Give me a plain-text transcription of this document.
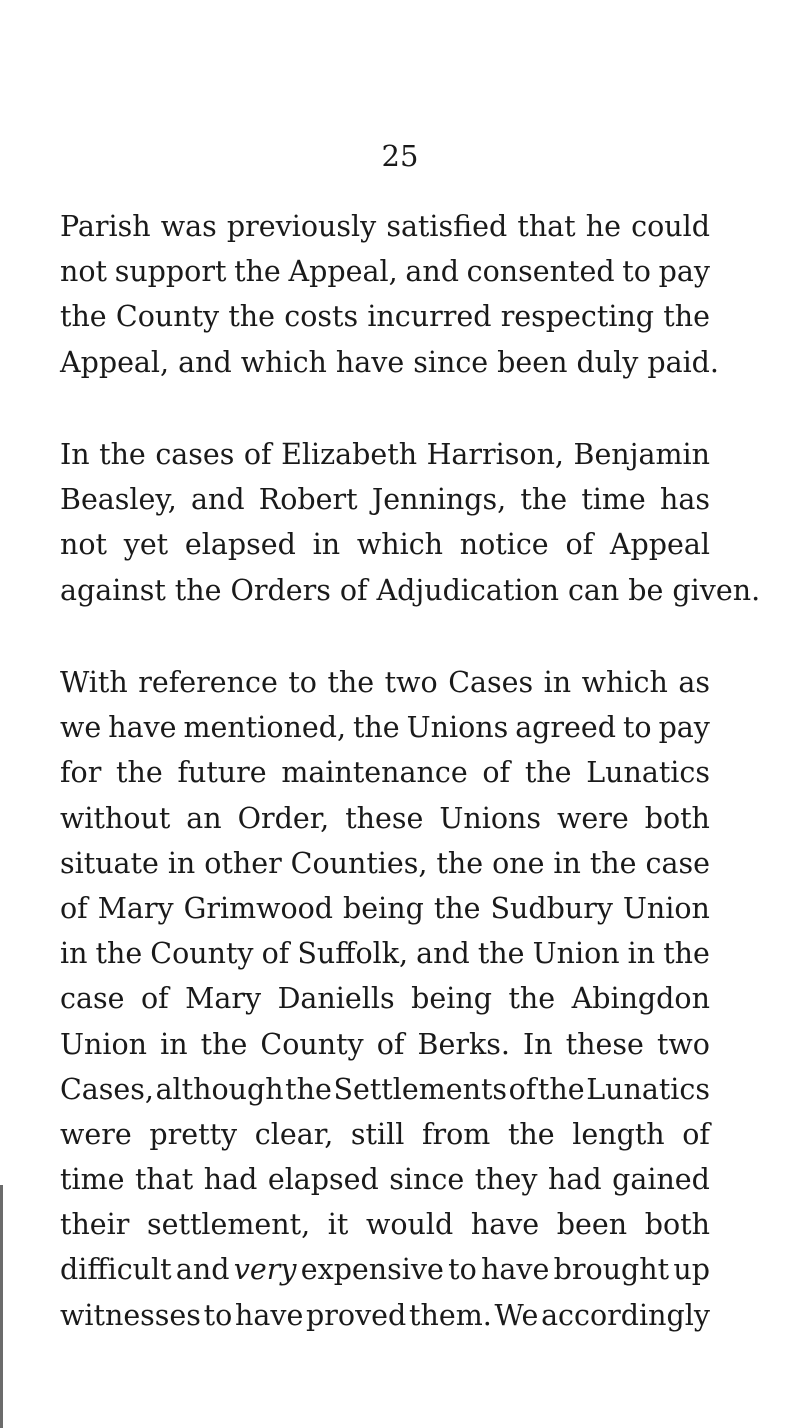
25
Parish was previously satisfied that he could
not support the Appeal, and consented to pay
the County the costs incurred respecting the
Appeal, and which have since been duly paid.
In the cases of Elizabeth Harrison, Benjamin
Beasley, and Robert Jennings, the time has
not yet elapsed in which notice of Appeal
against the Orders of Adjudication can be given.
With reference to the two Cases in which as
we have mentioned, the Unions agreed to pay
for the future maintenance of the Lunatics
without an Order, these Unions were both
situate in other Counties, the one in the case
of Mary Grimwood being the Sudbury Union
in the County of Suffolk, and the Union in the
case of Mary Daniells being the Abingdon
Union in the County of Berks. In these two
Cases, although the Settlements of the Lunatics
were pretty clear, still from the length of
time that had elapsed since they had gained
their settlement, it would have been both
difficult and very expensive to have brought up
witnesses to have proved them. We accordingly
